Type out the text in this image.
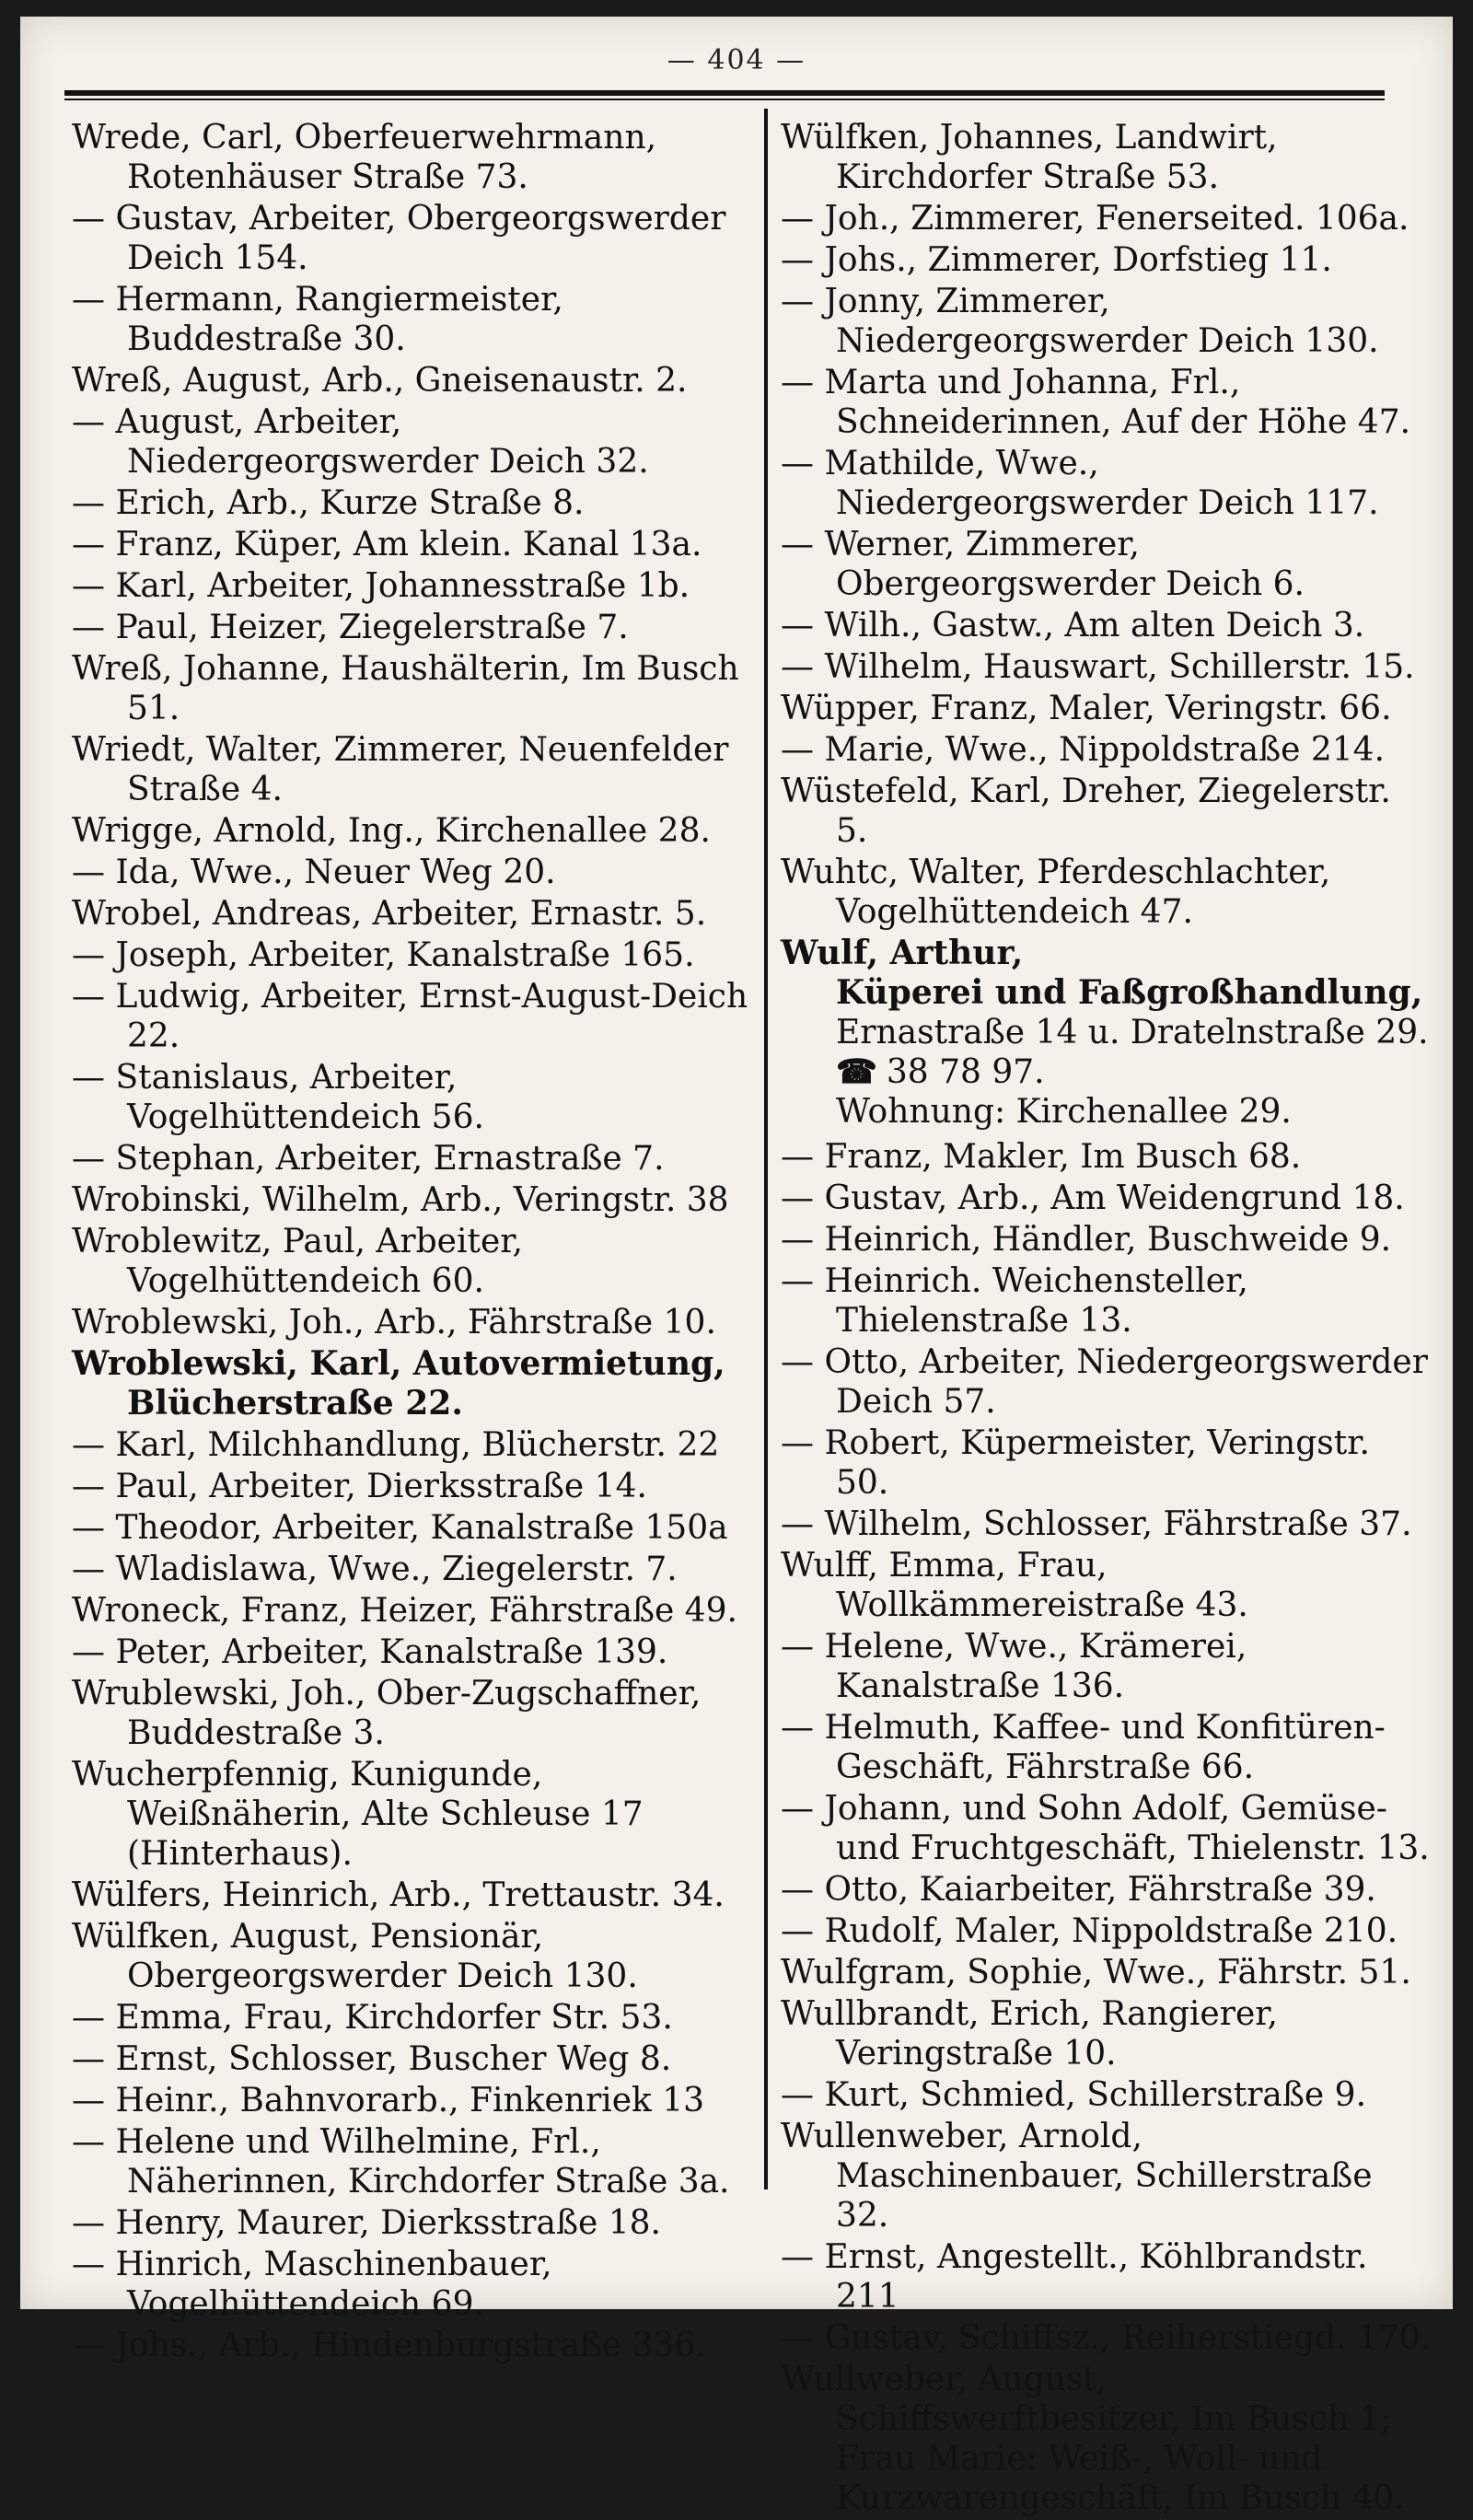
— 404 —
Wrede, Carl, Oberfeuerwehrmann, Rotenhäuser Straße 73.
— Gustav, Arbeiter, Obergeorgswerder Deich 154.
— Hermann, Rangiermeister, Buddestraße 30.
Wreß, August, Arb., Gneisenaustr. 2.
— August, Arbeiter, Niedergeorgswerder Deich 32.
— Erich, Arb., Kurze Straße 8.
— Franz, Küper, Am klein. Kanal 13a.
— Karl, Arbeiter, Johannesstraße 1b.
— Paul, Heizer, Ziegelerstraße 7.
Wreß, Johanne, Haushälterin, Im Busch 51.
Wriedt, Walter, Zimmerer, Neuenfelder Straße 4.
Wrigge, Arnold, Ing., Kirchenallee 28.
— Ida, Wwe., Neuer Weg 20.
Wrobel, Andreas, Arbeiter, Ernastr. 5.
— Joseph, Arbeiter, Kanalstraße 165.
— Ludwig, Arbeiter, Ernst-August-Deich 22.
— Stanislaus, Arbeiter, Vogelhüttendeich 56.
— Stephan, Arbeiter, Ernastraße 7.
Wrobinski, Wilhelm, Arb., Veringstr. 38
Wroblewitz, Paul, Arbeiter, Vogelhüttendeich 60.
Wroblewski, Joh., Arb., Fährstraße 10.
Wroblewski, Karl, Autovermietung, Blücherstraße 22.
— Karl, Milchhandlung, Blücherstr. 22
— Paul, Arbeiter, Dierksstraße 14.
— Theodor, Arbeiter, Kanalstraße 150a
— Wladislawa, Wwe., Ziegelerstr. 7.
Wroneck, Franz, Heizer, Fährstraße 49.
— Peter, Arbeiter, Kanalstraße 139.
Wrublewski, Joh., Ober-Zugschaffner, Buddestraße 3.
Wucherpfennig, Kunigunde, Weißnäherin, Alte Schleuse 17 (Hinterhaus).
Wülfers, Heinrich, Arb., Trettaustr. 34.
Wülfken, August, Pensionär, Obergeorgswerder Deich 130.
— Emma, Frau, Kirchdorfer Str. 53.
— Ernst, Schlosser, Buscher Weg 8.
— Heinr., Bahnvorarb., Finkenriek 13
— Helene und Wilhelmine, Frl., Näherinnen, Kirchdorfer Straße 3a.
— Henry, Maurer, Dierksstraße 18.
— Hinrich, Maschinenbauer, Vogelhüttendeich 69.
— Johs., Arb., Hindenburgstraße 336.
Wülfken, Johannes, Landwirt, Kirchdorfer Straße 53.
— Joh., Zimmerer, Fenerseited. 106a.
— Johs., Zimmerer, Dorfstieg 11.
— Jonny, Zimmerer, Niedergeorgswerder Deich 130.
— Marta und Johanna, Frl., Schneiderinnen, Auf der Höhe 47.
— Mathilde, Wwe., Niedergeorgswerder Deich 117.
— Werner, Zimmerer, Obergeorgswerder Deich 6.
— Wilh., Gastw., Am alten Deich 3.
— Wilhelm, Hauswart, Schillerstr. 15.
Wüpper, Franz, Maler, Veringstr. 66.
— Marie, Wwe., Nippoldstraße 214.
Wüstefeld, Karl, Dreher, Ziegelerstr. 5.
Wuhtc, Walter, Pferdeschlachter, Vogelhüttendeich 47.
Wulf, Arthur,
Küperei und Faßgroßhandlung,
Ernastraße 14 u. Dratelnstraße 29.
☎ 38 78 97.
Wohnung: Kirchenallee 29.
— Franz, Makler, Im Busch 68.
— Gustav, Arb., Am Weidengrund 18.
— Heinrich, Händler, Buschweide 9.
— Heinrich. Weichensteller, Thielenstraße 13.
— Otto, Arbeiter, Niedergeorgswerder Deich 57.
— Robert, Küpermeister, Veringstr. 50.
— Wilhelm, Schlosser, Fährstraße 37.
Wulff, Emma, Frau, Wollkämmereistraße 43.
— Helene, Wwe., Krämerei, Kanalstraße 136.
— Helmuth, Kaffee- und Konfitüren-Geschäft, Fährstraße 66.
— Johann, und Sohn Adolf, Gemüse- und Fruchtgeschäft, Thielenstr. 13.
— Otto, Kaiarbeiter, Fährstraße 39.
— Rudolf, Maler, Nippoldstraße 210.
Wulfgram, Sophie, Wwe., Fährstr. 51.
Wullbrandt, Erich, Rangierer, Veringstraße 10.
— Kurt, Schmied, Schillerstraße 9.
Wullenweber, Arnold, Maschinenbauer, Schillerstraße 32.
— Ernst, Angestellt., Köhlbrandstr. 211
— Gustav, Schiffsz., Reiherstiegd. 170.
Wullweber, August, Schiffswerftbesitzer, Im Busch 1; Frau Marie: Weiß-, Woll- und Kurzwarengeschäft, Im Busch 40.
